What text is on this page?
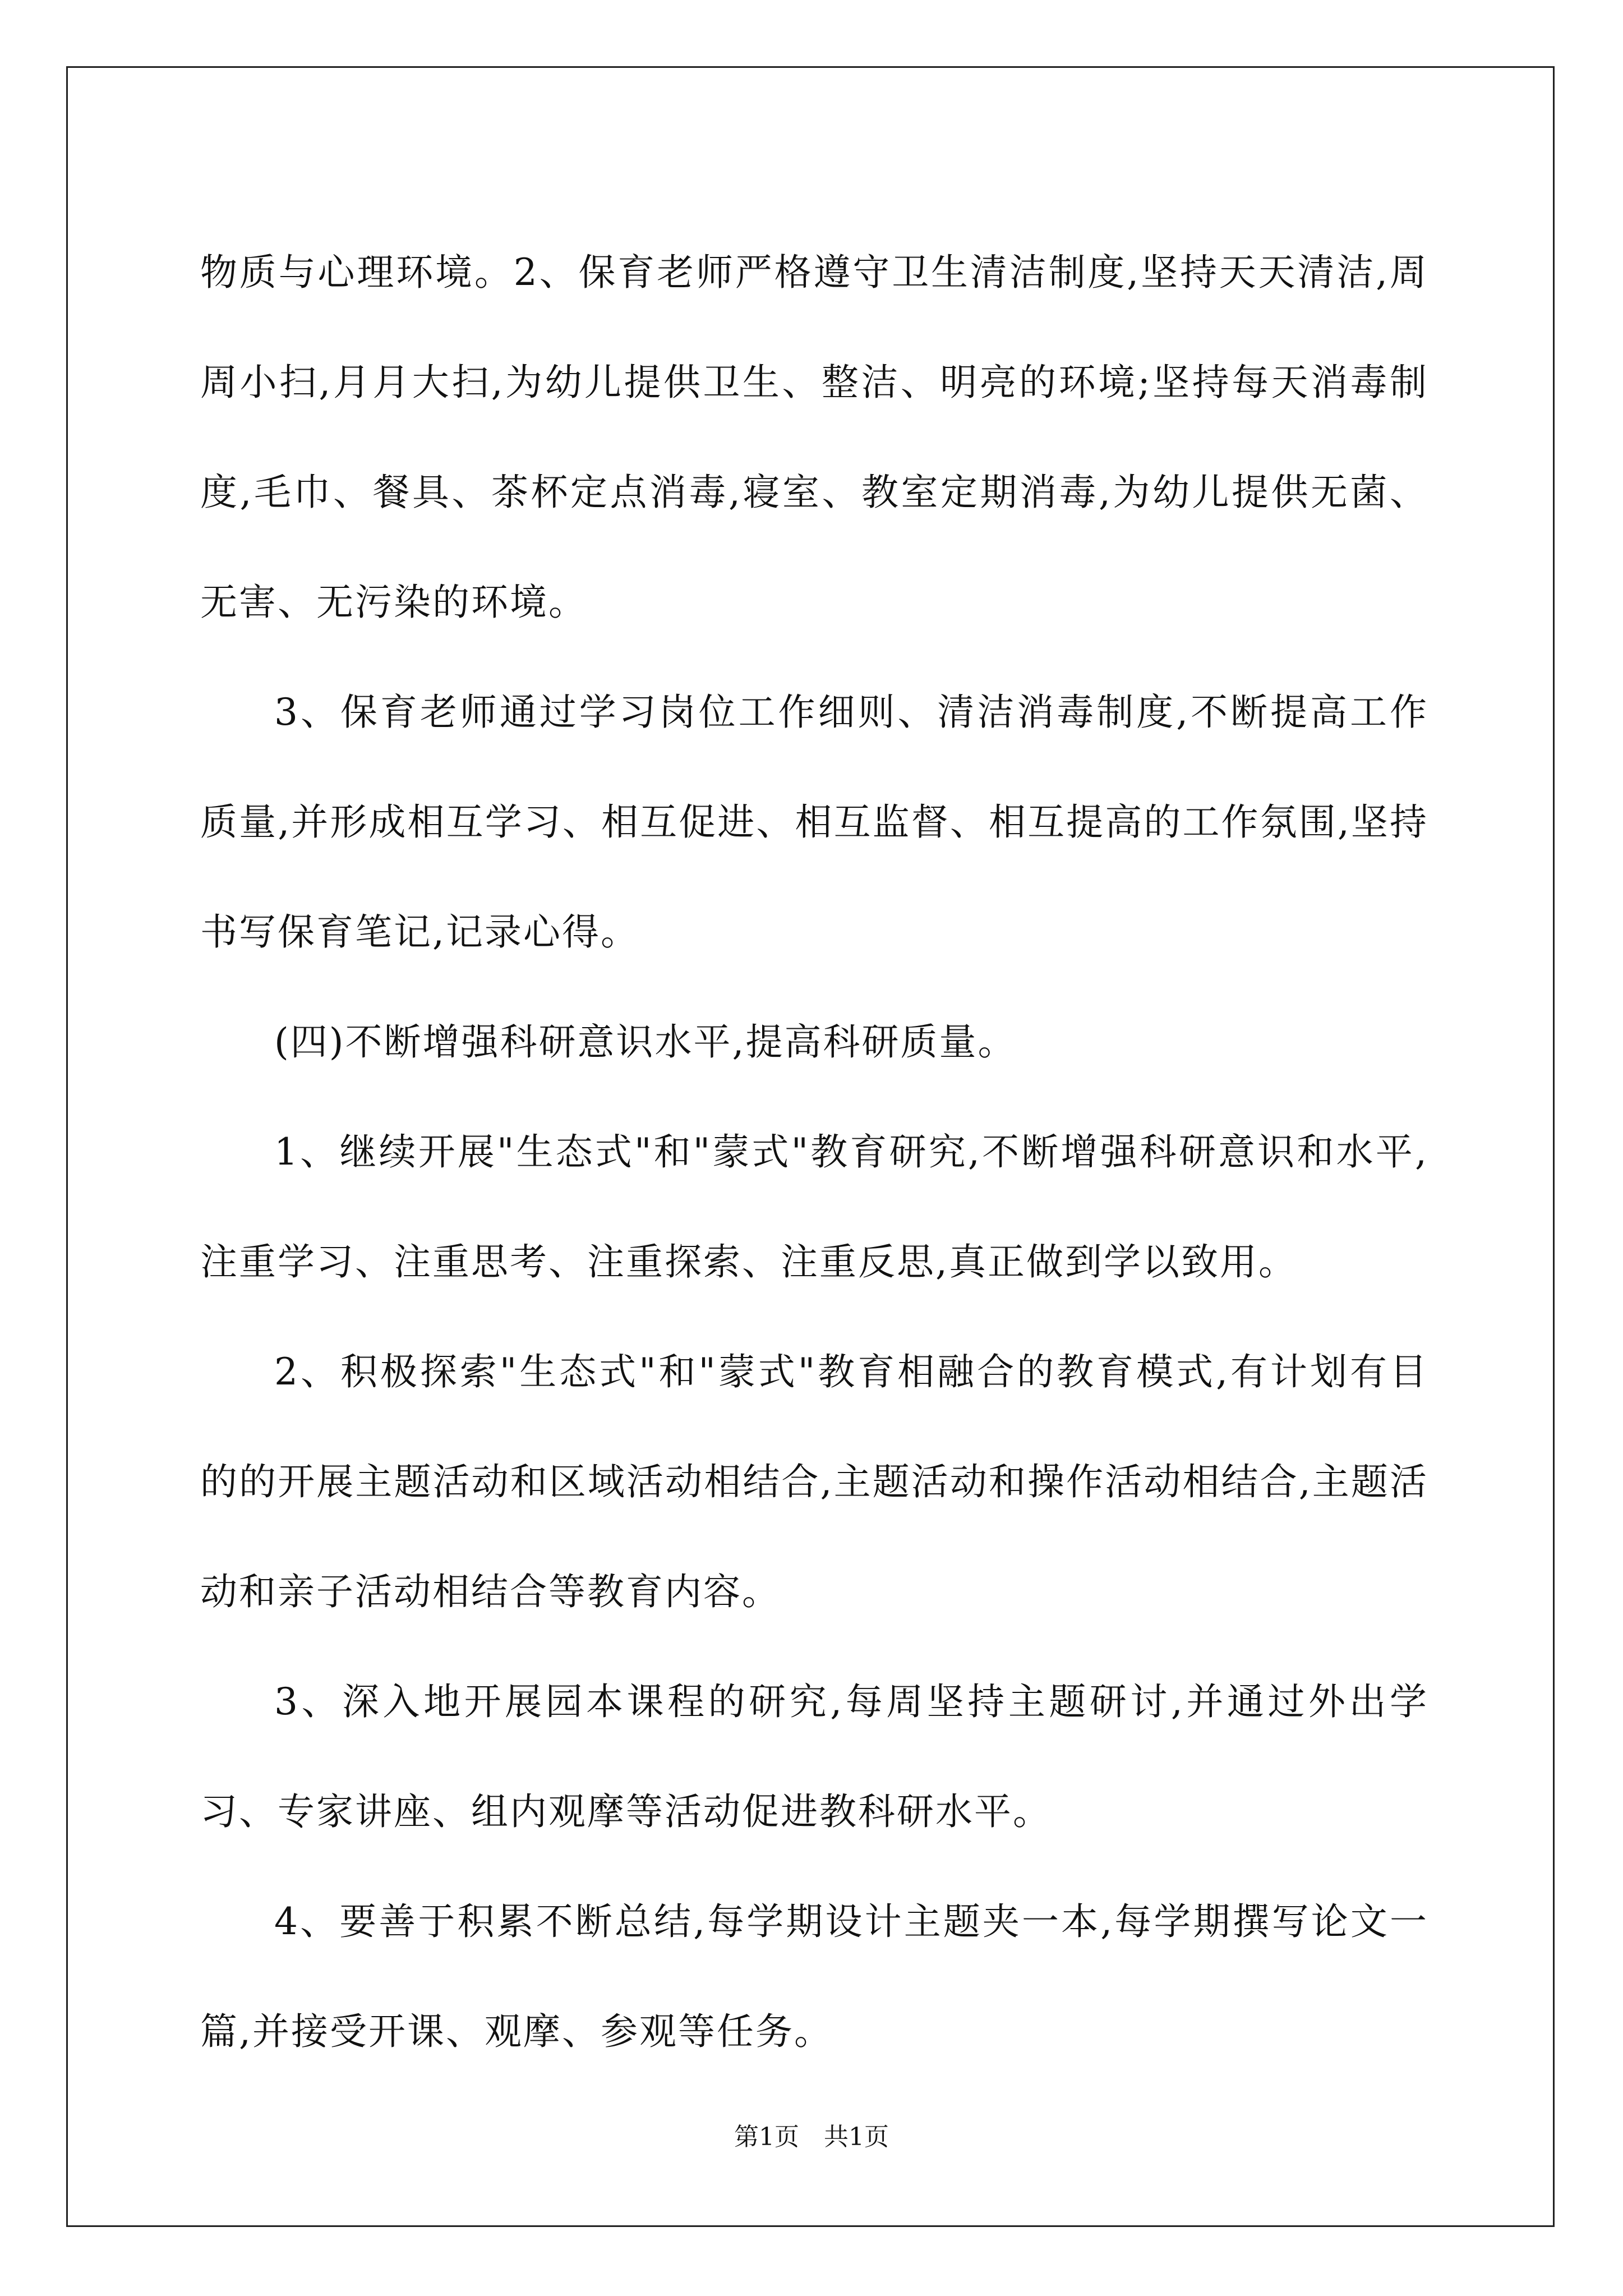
物质与心理环境。2、保育老师严格遵守卫生清洁制度,坚持天天清洁,周周小扫,月月大扫,为幼儿提供卫生、整洁、明亮的环境;坚持每天消毒制度,毛巾、餐具、茶杯定点消毒,寝室、教室定期消毒,为幼儿提供无菌、无害、无污染的环境。

3、保育老师通过学习岗位工作细则、清洁消毒制度,不断提高工作质量,并形成相互学习、相互促进、相互监督、相互提高的工作氛围,坚持书写保育笔记,记录心得。

(四)不断增强科研意识水平,提高科研质量。

1、继续开展"生态式"和"蒙式"教育研究,不断增强科研意识和水平,注重学习、注重思考、注重探索、注重反思,真正做到学以致用。

2、积极探索"生态式"和"蒙式"教育相融合的教育模式,有计划有目的的开展主题活动和区域活动相结合,主题活动和操作活动相结合,主题活动和亲子活动相结合等教育内容。

3、深入地开展园本课程的研究,每周坚持主题研讨,并通过外出学习、专家讲座、组内观摩等活动促进教科研水平。

4、要善于积累不断总结,每学期设计主题夹一本,每学期撰写论文一篇,并接受开课、观摩、参观等任务。

第1页　共1页
